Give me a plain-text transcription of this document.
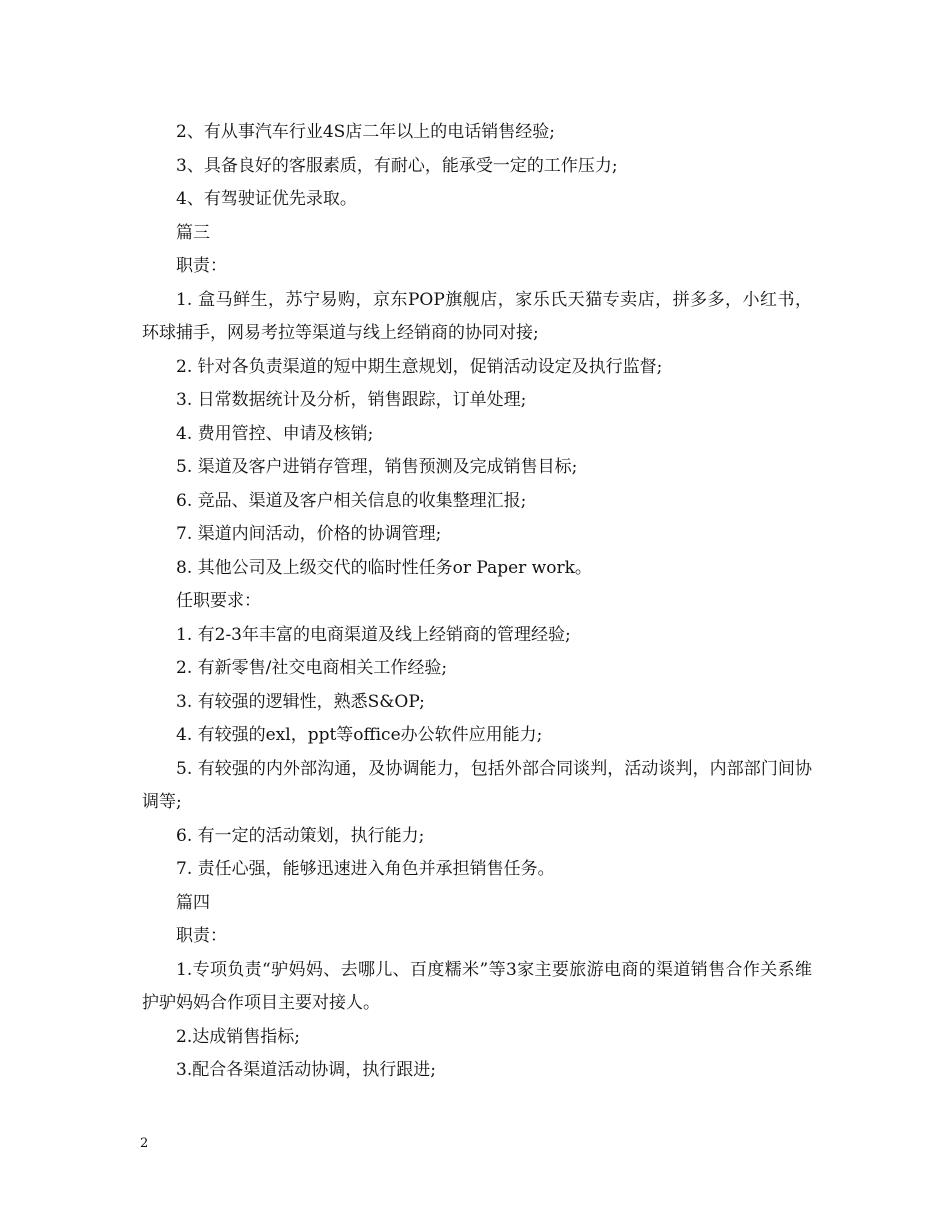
2、有从事汽车行业4S店二年以上的电话销售经验;

3、具备良好的客服素质，有耐心，能承受一定的工作压力;

4、有驾驶证优先录取。

篇三

职责：

1. 盒马鲜生，苏宁易购，京东POP旗舰店，家乐氏天猫专卖店，拼多多，小红书，环球捕手，网易考拉等渠道与线上经销商的协同对接;

2. 针对各负责渠道的短中期生意规划，促销活动设定及执行监督;

3. 日常数据统计及分析，销售跟踪，订单处理;

4. 费用管控、申请及核销;

5. 渠道及客户进销存管理，销售预测及完成销售目标;

6. 竞品、渠道及客户相关信息的收集整理汇报;

7. 渠道内间活动，价格的协调管理;

8. 其他公司及上级交代的临时性任务or Paper work。

任职要求：

1. 有2-3年丰富的电商渠道及线上经销商的管理经验;

2. 有新零售/社交电商相关工作经验;

3. 有较强的逻辑性，熟悉S&OP;

4. 有较强的exl，ppt等office办公软件应用能力;

5. 有较强的内外部沟通，及协调能力，包括外部合同谈判，活动谈判，内部部门间协调等;

6. 有一定的活动策划，执行能力;

7. 责任心强，能够迅速进入角色并承担销售任务。

篇四

职责：

1.专项负责“驴妈妈、去哪儿、百度糯米”等3家主要旅游电商的渠道销售合作关系维护驴妈妈合作项目主要对接人。

2.达成销售指标;

3.配合各渠道活动协调，执行跟进;

2
